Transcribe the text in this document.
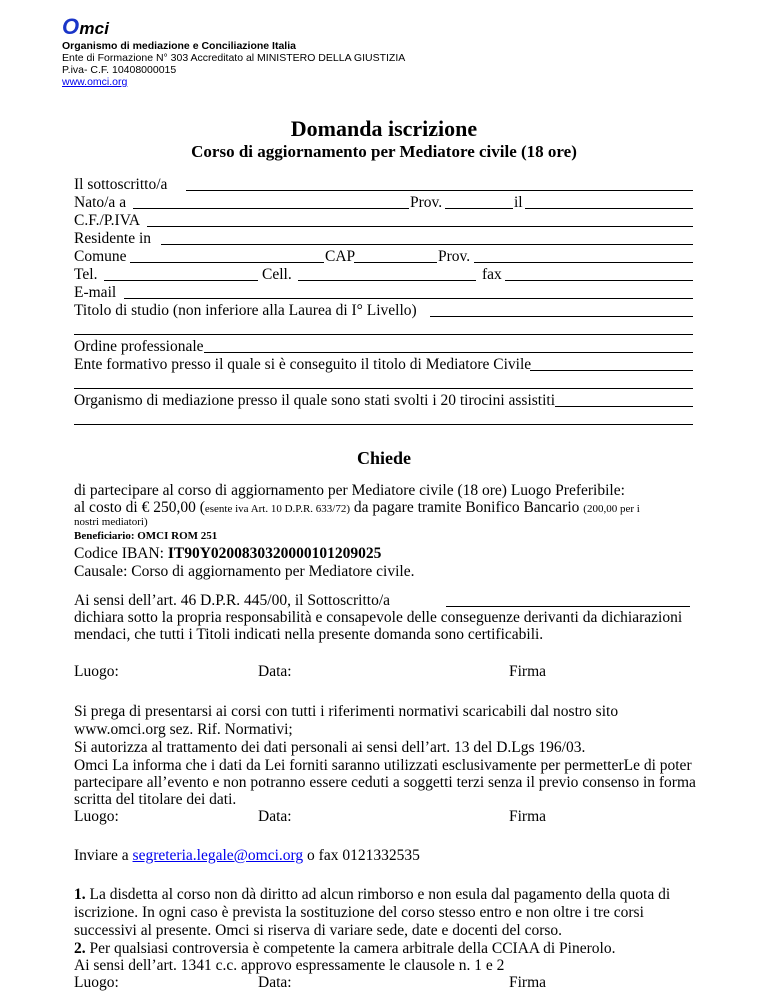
Omci
Organismo di mediazione e Conciliazione Italia
Ente di Formazione N° 303 Accreditato al MINISTERO DELLA GIUSTIZIA
P.iva- C.F. 10408000015
www.omci.org
Domanda iscrizione
Corso di aggiornamento per Mediatore civile (18 ore)
Il sottoscritto/a
Nato/a a	Prov.	il
C.F./P.IVA
Residente in
Comune	CAP	Prov.
Tel.	Cell.	fax
E-mail
Titolo di studio (non inferiore alla Laurea di I° Livello)
Ordine professionale
Ente formativo presso il quale si è conseguito il titolo di Mediatore Civile
Organismo di mediazione presso il quale sono stati svolti i 20 tirocini assistiti
Chiede
di partecipare al corso di aggiornamento per Mediatore civile (18 ore) Luogo Preferibile:
al costo di € 250,00 (esente iva Art. 10 D.P.R. 633/72) da pagare tramite Bonifico Bancario (200,00 per i
nostri mediatori)
Beneficiario: OMCI ROM 251
Codice IBAN: IT90Y0200830320000101209025
Causale: Corso di aggiornamento per Mediatore civile.
Ai sensi dell’art. 46 D.P.R. 445/00, il Sottoscritto/a
dichiara sotto la propria responsabilità e consapevole delle conseguenze derivanti da dichiarazioni
mendaci, che tutti i Titoli indicati nella presente domanda sono certificabili.
Luogo:	Data:	Firma
Si prega di presentarsi ai corsi con tutti i riferimenti normativi scaricabili dal nostro sito
www.omci.org sez. Rif. Normativi;
Si autorizza al trattamento dei dati personali ai sensi dell’art. 13 del D.Lgs 196/03.
Omci La informa che i dati da Lei forniti saranno utilizzati esclusivamente per permetterLe di poter
partecipare all’evento e non potranno essere ceduti a soggetti terzi senza il previo consenso in forma
scritta del titolare dei dati.
Luogo:	Data:	Firma
Inviare a segreteria.legale@omci.org o fax 0121332535
1. La disdetta al corso non dà diritto ad alcun rimborso e non esula dal pagamento della quota di
iscrizione. In ogni caso è prevista la sostituzione del corso stesso entro e non oltre i tre corsi
successivi al presente. Omci si riserva di variare sede, date e docenti del corso.
2. Per qualsiasi controversia è competente la camera arbitrale della CCIAA di Pinerolo.
Ai sensi dell’art. 1341 c.c. approvo espressamente le clausole n. 1 e 2
Luogo:	Data:	Firma
